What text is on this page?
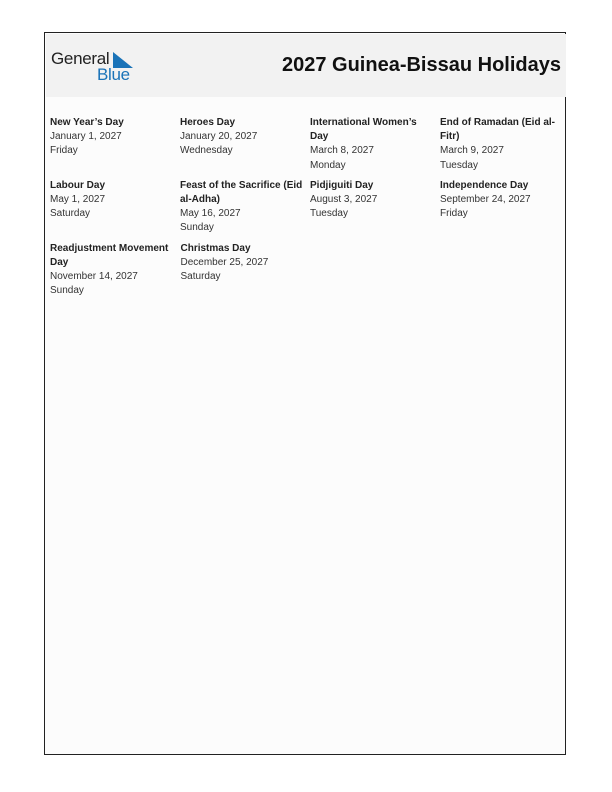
General
Blue	2027 Guinea-Bissau Holidays
New Year’s Day
January 1, 2027
Friday
Heroes Day
January 20, 2027
Wednesday
International Women’s Day
March 8, 2027
Monday
End of Ramadan (Eid al-Fitr)
March 9, 2027
Tuesday
Labour Day
May 1, 2027
Saturday
Feast of the Sacrifice (Eid al-Adha)
May 16, 2027
Sunday
Pidjiguiti Day
August 3, 2027
Tuesday
Independence Day
September 24, 2027
Friday
Readjustment Movement Day
November 14, 2027
Sunday
Christmas Day
December 25, 2027
Saturday
